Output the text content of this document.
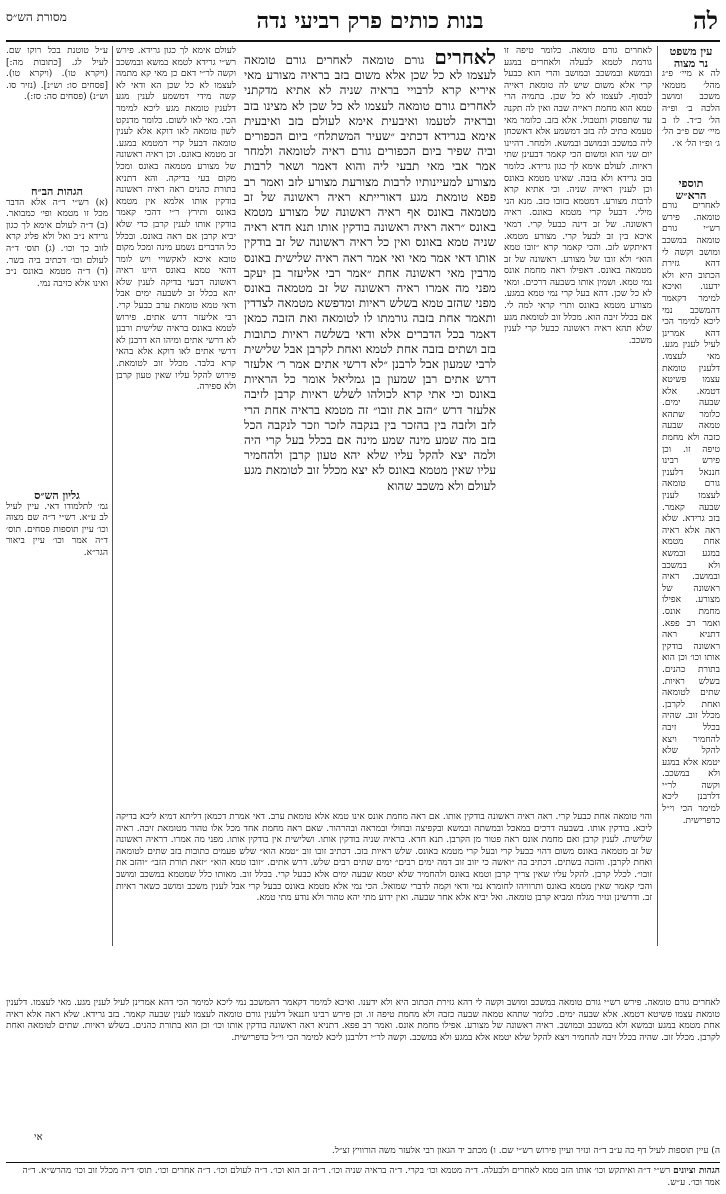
לה
בנות כותים פרק רביעי נדה
מסורת הש״ס

עין משפט
נר מצוה

לה א מיי׳ פ״ג מהל׳ מטמאי משכב ומושב הלכה ב׳ ופ״ה הל׳ כ״ד. לו ב מיי׳ שם פ״ב הל׳ ג׳ ופ״ו הל׳ א׳.

תוספי הרא״ש

לאחרים גורם טומאה. פירש רש״י גורם טומאה במשכב ומושב וקשה לי דהא גזירת הכתוב היא ולא ידענו. ואיכא למימר דקאמר דהמשכב נמי ליכא למימר הכי דהא אמרינן לעיל לענין מגע. מאי לעצמו. דלענין טומאת עצמו פשיטא דטמא. אלא שבעה ימים. כלומר שתהא טמאה שבעה כזבה ולא מחמת טיפה זו. וכן פירש רבינו חננאל דלענין גורם טומאה לעצמו לענין שבעה קאמר. בזב גרידא. שלא ראה אלא ראיה אחת מטמא במגע ובמשא ולא במשכב ובמושב. ראיה ראשונה של מצורע. אפילו מחמת אונס. ואמר רב פפא. דתניא ראה ראשונה בודקין אותו וכו׳ וכן הוא בתורת כהנים. בשלש ראיות. שתים לטומאה ואחת לקרבן. מכלל זוב. שהיה בכלל זיבה להחמיר ויצא להקל שלא יטמא אלא במגע ולא במשכב. וקשה לר״י דלרבנן ליכא למימר הכי וי״ל כדפרישית.

לאחרים גורם טומאה. כלומר טיפה זו גורמת לטמא לבעלה ולאחרים במגע ובמשא ובמשכב ובמושב והרי הוא כבעל קרי אלא משום שיש לה טומאת ראייה לבסוף. לעצמו לא כל שכן. בתמיה הרי טמא הוא מחמת ראייה שבה ואין לה תקנה עד שתפסוק ותטבול. אלא בזב. כלומר מאי טעמא כתיב לה בזב דמשמע אלא דאשכחן ליה במשכב ובמושב ובמשא. ולמחר. דהיינו יום שני הוא ומשום הכי קאמר דבעינן שתי ראיות. לעולם אימא לך כגון גרידא. כלומר בזב גרידא ולא בזבה. שאינו מטמא באונס וכן לענין ראייה שניה. וכי אתיא קרא לרבות מצורע. דמטמא בזובו כזב. מנא הני מילי. דבעל קרי מטמא באונס. ראיה ראשונה. של זב דינה כבעל קרי. דמאי איכא בין זב לבעל קרי. מצורע מטמא. דאיתקש לזב. והכי קאמר קרא ״זובו טמא הוא״ ולא זובו של מצורע. ראשונה של זב מטמאה באונס. דאפילו ראה מחמת אונס נמי טמא. ושמין אותו בשבעה דרכים. ומאי לא כל שכן. דהא בעל קרי נמי טמא במגע. מצורע מטמא באונס ותרי קראי למה לי. אם בכלל זיבה הוא. מכלל זוב לטומאת מגע שלא תהא ראיה ראשונה כבעל קרי לענין משכב.

לאחרים גורם טומאה לאחרים גורם טומאה לעצמו לא כל שכן אלא משום בזב בראיה מצורע מאי איריא קרא לרבויי בראיה שניה לא אתיא מדקתני לאחרים גורם טומאה לעצמו לא כל שכן לא מצינו בזב ובראיה לטעמו ואיבעית אימא לעולם בזב ואיבעית אימא בגרידא דכתיב ״שעיר המשתלח״ ביום הכפורים וביה שפיר ביום הכפורים גורם ראיה לטומאה ולמחר אמר אבי מאי תבעי ליה והוא דאמר ושאר לרבות מצורע למעיינותיו לרבות מצורעת מצורע לזב ואמר רב פפא טומאת מגע דאורייתא ראיה ראשונה של זב מטמאה באונס אף ראיה ראשונה של מצורע מטמא באונס ״ראה ראיה ראשונה בודקין אותו תנא חדא ראיה שניה טמא באונס ואין כל ראיה ראשונה של זב בודקין אותו דאי אמר מאי ואי אמר ראה ראיה שלישית באונס מרבין מאי ראשונה אחת ״אמר רבי אליעזר בן יעקב מפני מה אמרו ראיה ראשונה של זב מטמאה באונס מפני שהזב טמא בשלש ראיות ומדפשא מטמאה לצדדין ותאמר אחת בזבה גורמתו לו לטומאה ואת הזבה כמאן דאמר בכל הדברים אלא ודאי בשלשה ראיות כתובות בזב ושתים בזבה אחת לטמא ואחת לקרבן אבל שלישית לרבי שמעון אבל לרבנן ״לא דרשי אתים אמר ר׳ אלעזר דרש אתים רבן שמעון בן גמליאל אומר כל הראיות באונס וכי אתי קרא לכולהו לשלש ראיות קרבן לזיבה אלעזר דרש ״הזב את זובו״ זה מטמא בראיה אחת הרי לזב ולזבה בין בהזכר בין בנקבה לזכר וזכר לנקבה הכל בזב מה שמע מינה שמע מינה אם בכלל בעל קרי היה ולמה יצא להקל עליו שלא יהא טעון קרבן ולהחמיר עליו שאין מטמא באונס לא יצא מכלל זוב לטומאת מגע לעולם ולא משכב שהוא

לעולם אימא לך כגון גרידא. פירש רש״י גרידא לטמא במשא ובמשכב וקשה לר״י דאם כן מאי קא מתמה לעצמו לא כל שכן הא ודאי לא קשה מידי דמשמע לענין מגע דלענין טומאת מגע ליכא למימר הכי. מאי לאו לשום. כלומר מדנקט לשון טומאה לאו דוקא אלא לענין טומאה דבעל קרי דמטמא במגע. זב מטמא באונס. וכן ראיה ראשונה של מצורע מטמאה באונס ומכל מקום בעי בדיקה. והא דתניא בתורת כהנים ראה ראיה ראשונה בודקין אותו אלמא אין מטמא באונס ותירץ ר״י דהכי קאמר בודקין אותו לענין קרבן כדי שלא יביא קרבן אם ראה באונס. ובכלל כל הדברים נשמע מינה ומכל מקום טובא איכא לאקשויי ויש לומר דהאי טמא באונס היינו ראיה ראשונה דבעי בדיקה לענין שלא יהא בכלל זב לשבעה ימים אבל ודאי טמא טומאת ערב כבעל קרי. רבי אליעזר דרש אתים. פירוש לטמא באונס בראיה שלישית ורבנן לא דרשי אתים ומיהו הא דרבנן לא דרשי אתים לאו דוקא אלא בהאי קרא בלבד. מכלל זוב לטומאת. פירוש להקל עליו שאין טעון קרבן ולא ספירה.

ע״ל טוטנת בכל רוקו שם. לעיל לג. [כתובות מה:] (ויקרא טו). (ויקרא טו). [פסחים סו: וש״נ]. (נזיר סו. וש״נ) (פסחים סה: סז:).

הגהות הב״ח

(א) רש״י ד״ה אלא הדבר מכל זו מטמא ופי׳ כמבואר. (ב) ד״ה לעולם אימא לך כגון גרידא נ״ב ואל ולא פליג קרא לזוב כך וכו׳. (ג) תוס׳ ד״ה לעולם וכו׳ דכתיב ביה בשר. (ד) ד״ה מטמא באונס נ״ב ואינו אלא כזיבה נמי.

גליון הש״ס

גמ׳ לתלמודו דאי. עיין לעיל לב ע״א. רש״י ד״ה שם מצוה וכו׳ עיין תוספות פסחים. תוס׳ ד״ה אמר וכו׳ עיין ביאור הגר״א.

והוי טומאה אחת כבעל קרי. ראה ראיה ראשונה בודקין אותו. אם ראה מחמת אונס אינו טמא אלא טומאת ערב. דאי אמרת דכמאן דליתא דמיא ליכא בדיקה ליכא. בודקין אותו. בשבעה דרכים במאכל ובמשתה ובמשא ובקפיצה ובחולי ובמראה ובהרהור. שאם ראה מחמת אחד מכל אלו טהור מטומאת זיבה. ראיה שלישית. לענין קרבן ואם מחמת אונס ראה פטור מן הקרבן. תנא חדא. בראיה שניה בודקין אותו. ושלישית אין בודקין אותו. מפני מה אמרו. דראיה ראשונה של זב מטמאה באונס משום דהוי כבעל קרי ובעל קרי מטמא באונס. שלש ראיות בזב. דכתיב זובו זוב ״טמא הוא״ שלש פעמים כתובות בזב שתים לטומאה ואחת לקרבן. והזבה בשתים. דכתיב בה ״ואשה כי יזוב זוב דמה ימים רבים״ ימים שתים רבים שלש. דרש אתים. ״זובו טמא הוא״ ״זאת תורת הזב״ ״והזב את זובו״. לכלל קרבן. להקל עליו שאין צריך קרבן וטמא באונס ולהחמיר שלא יטמא שבעה ימים אלא כבעל קרי. בכלל זוב. מאותו כלל שמטמא במשכב ומושב והכי קאמר שאין מטמא באונס ותרוויהו לחומרא נמי ודאי וקמה לדברי שמואל. הכי נמי אלא מטמא באונס כבעל קרי אבל לענין משכב ומושב כשאר ראיות זב. ודרשינן ונזיר מגלח ומביא קרבן טומאה. ואל יביא אלא אחר שבעה. ואין ידוע מתי יהא טהור ולא נודע מתי טמא.

לאחרים גורם טומאה. פירש רש״י גורם טומאה במשכב ומושב וקשה לי דהא גזירת הכתוב היא ולא ידענו. ואיכא למימר דקאמר דהמשכב נמי ליכא למימר הכי דהא אמרינן לעיל לענין מגע. מאי לעצמו. דלענין טומאת עצמו פשיטא דטמא. אלא שבעה ימים. כלומר שתהא טמאה שבעה כזבה ולא מחמת טיפה זו. וכן פירש רבינו חננאל דלענין גורם טומאה לעצמו לענין שבעה קאמר. בזב גרידא. שלא ראה אלא ראיה אחת מטמא במגע ובמשא ולא במשכב ובמושב. ראיה ראשונה של מצורע. אפילו מחמת אונס. ואמר רב פפא. דתניא ראה ראשונה בודקין אותו וכו׳ וכן הוא בתורת כהנים. בשלש ראיות. שתים לטומאה ואחת לקרבן. מכלל זוב. שהיה בכלל זיבה להחמיר ויצא להקל שלא יטמא אלא במגע ולא במשכב. וקשה לר״י דלרבנן ליכא למימר הכי וי״ל כדפרישית.

אי
ה) עיין תוספות לעיל דף כה ע״ב ד״ה ונזיר ועיין פירוש רש״י שם. ו) מכתב יד הגאון רבי אלעזר משה הורוויץ זצ״ל.
הגהות וציונים רש״י ד״ה ואיתקש וכו׳ אותו הזב טמא לאחרים ולבעלה. ד״ה מטמא וכו׳ בקרי. ד״ה בראיה שניה וכו׳. ד״ה זב הוא וכו׳. ד״ה לעולם וכו׳. ד״ה אחרים וכו׳. תוס׳ ד״ה מכלל זוב וכו׳ מהרש״א. ד״ה אמר וכו׳. ע״ש.
